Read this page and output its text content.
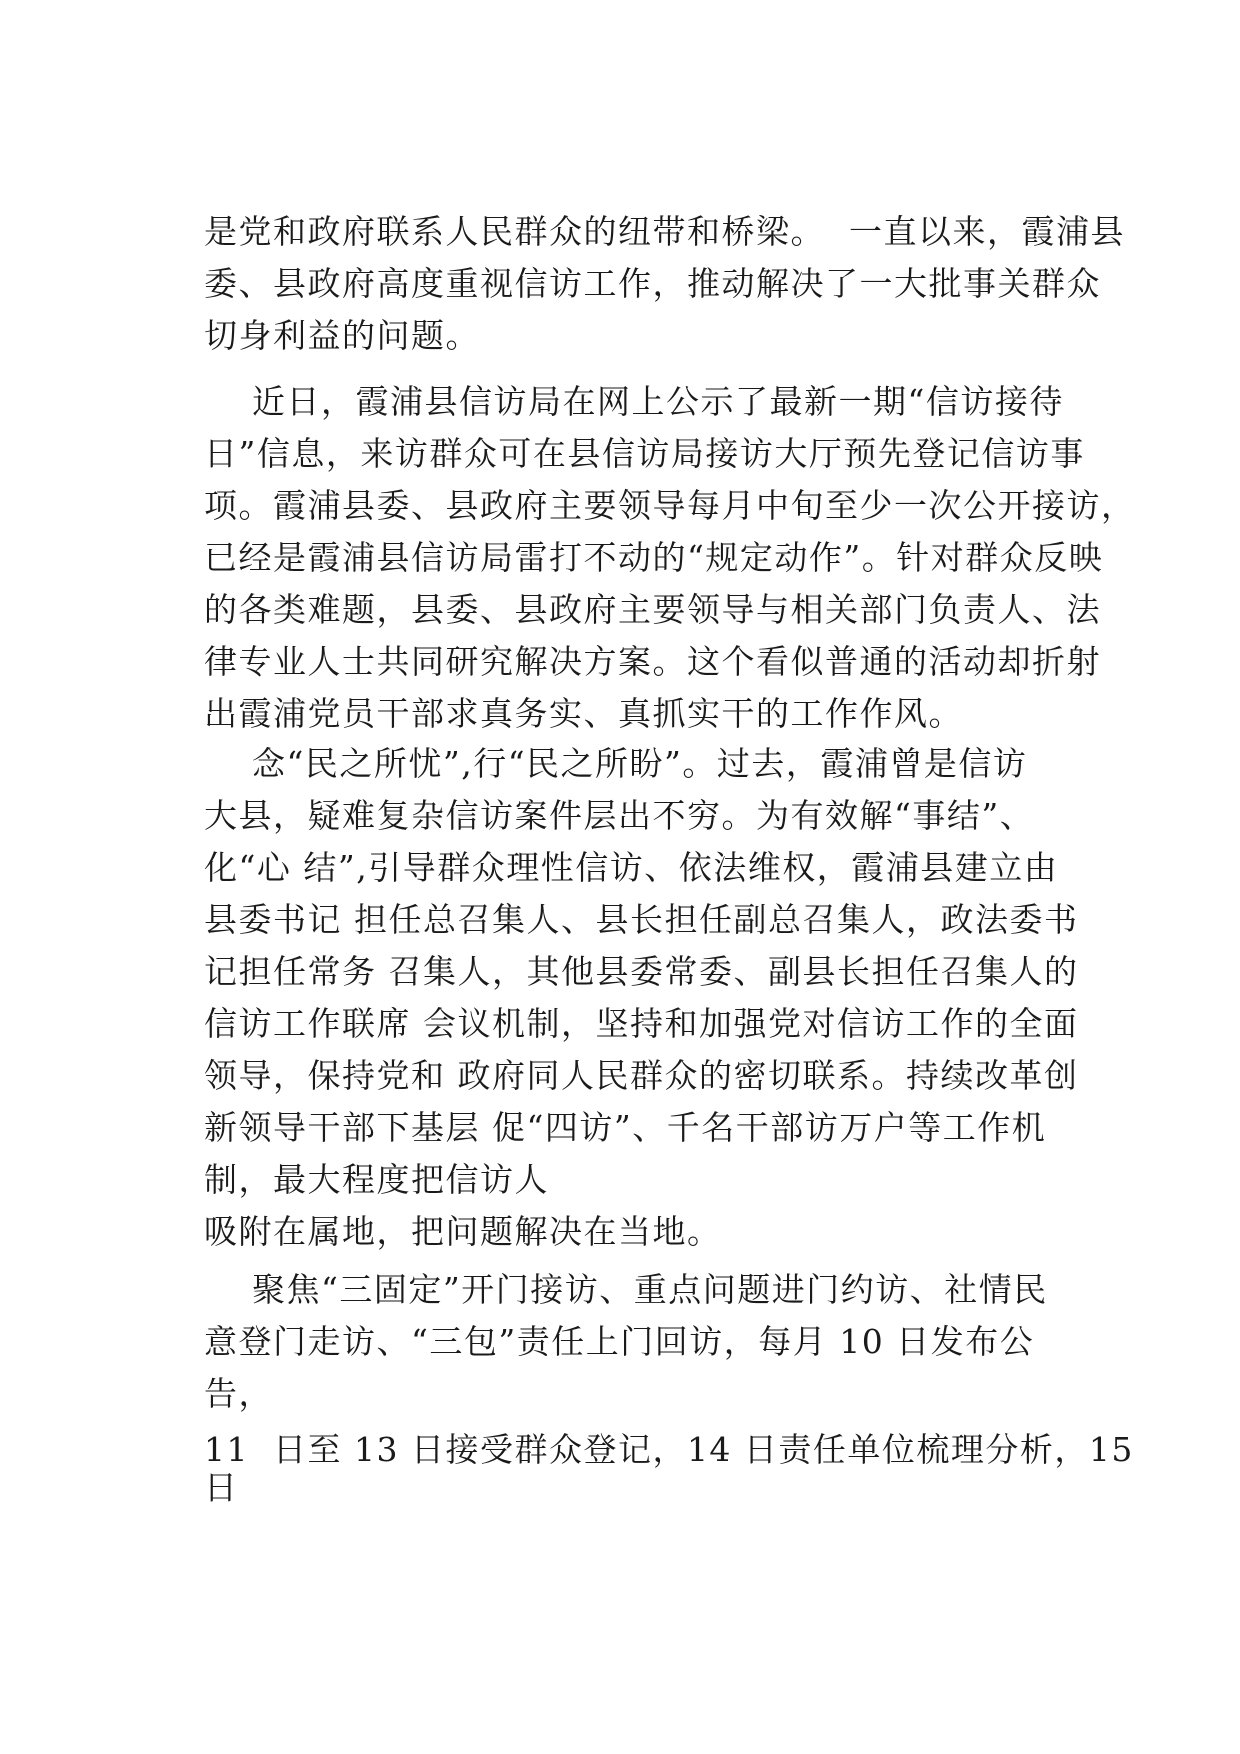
是党和政府联系人民群众的纽带和桥梁。  一直以来，霞浦县
委、县政府高度重视信访工作，推动解决了一大批事关群众
切身利益的问题。
近日，霞浦县信访局在网上公示了最新一期“信访接待
日”信息，来访群众可在县信访局接访大厅预先登记信访事
项。霞浦县委、县政府主要领导每月中旬至少一次公开接访，
已经是霞浦县信访局雷打不动的“规定动作”。针对群众反映
的各类难题，县委、县政府主要领导与相关部门负责人、法
律专业人士共同研究解决方案。这个看似普通的活动却折射
出霞浦党员干部求真务实、真抓实干的工作作风。
念“民之所忧”,行“民之所盼”。过去，霞浦曾是信访
大县，疑难复杂信访案件层出不穷。为有效解“事结”、
化“心 结”,引导群众理性信访、依法维权，霞浦县建立由
县委书记 担任总召集人、县长担任副总召集人，政法委书
记担任常务 召集人，其他县委常委、副县长担任召集人的
信访工作联席 会议机制，坚持和加强党对信访工作的全面
领导，保持党和 政府同人民群众的密切联系。持续改革创
新领导干部下基层 促“四访”、千名干部访万户等工作机
制，最大程度把信访人
吸附在属地，把问题解决在当地。
聚焦“三固定”开门接访、重点问题进门约访、社情民
意登门走访、“三包”责任上门回访，每月 10 日发布公
告，
11  日至 13 日接受群众登记，14 日责任单位梳理分析，15
日
